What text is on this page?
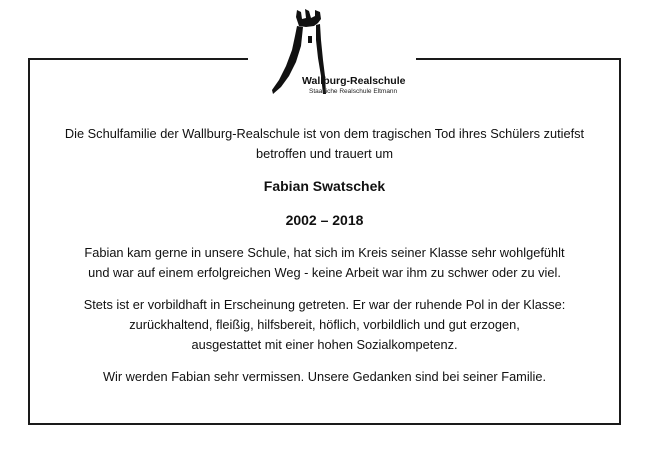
Wallburg-Realschule
Staatliche Realschule Eltmann

Die Schulfamilie der Wallburg-Realschule ist von dem tragischen Tod ihres Schülers zutiefst
betroffen und trauert um

Fabian Swatschek
2002 – 2018

Fabian kam gerne in unsere Schule, hat sich im Kreis seiner Klasse sehr wohlgefühlt
und war auf einem erfolgreichen Weg - keine Arbeit war ihm zu schwer oder zu viel.

Stets ist er vorbildhaft in Erscheinung getreten. Er war der ruhende Pol in der Klasse:
zurückhaltend, fleißig, hilfsbereit, höflich, vorbildlich und gut erzogen,
ausgestattet mit einer hohen Sozialkompetenz.

Wir werden Fabian sehr vermissen. Unsere Gedanken sind bei seiner Familie.
